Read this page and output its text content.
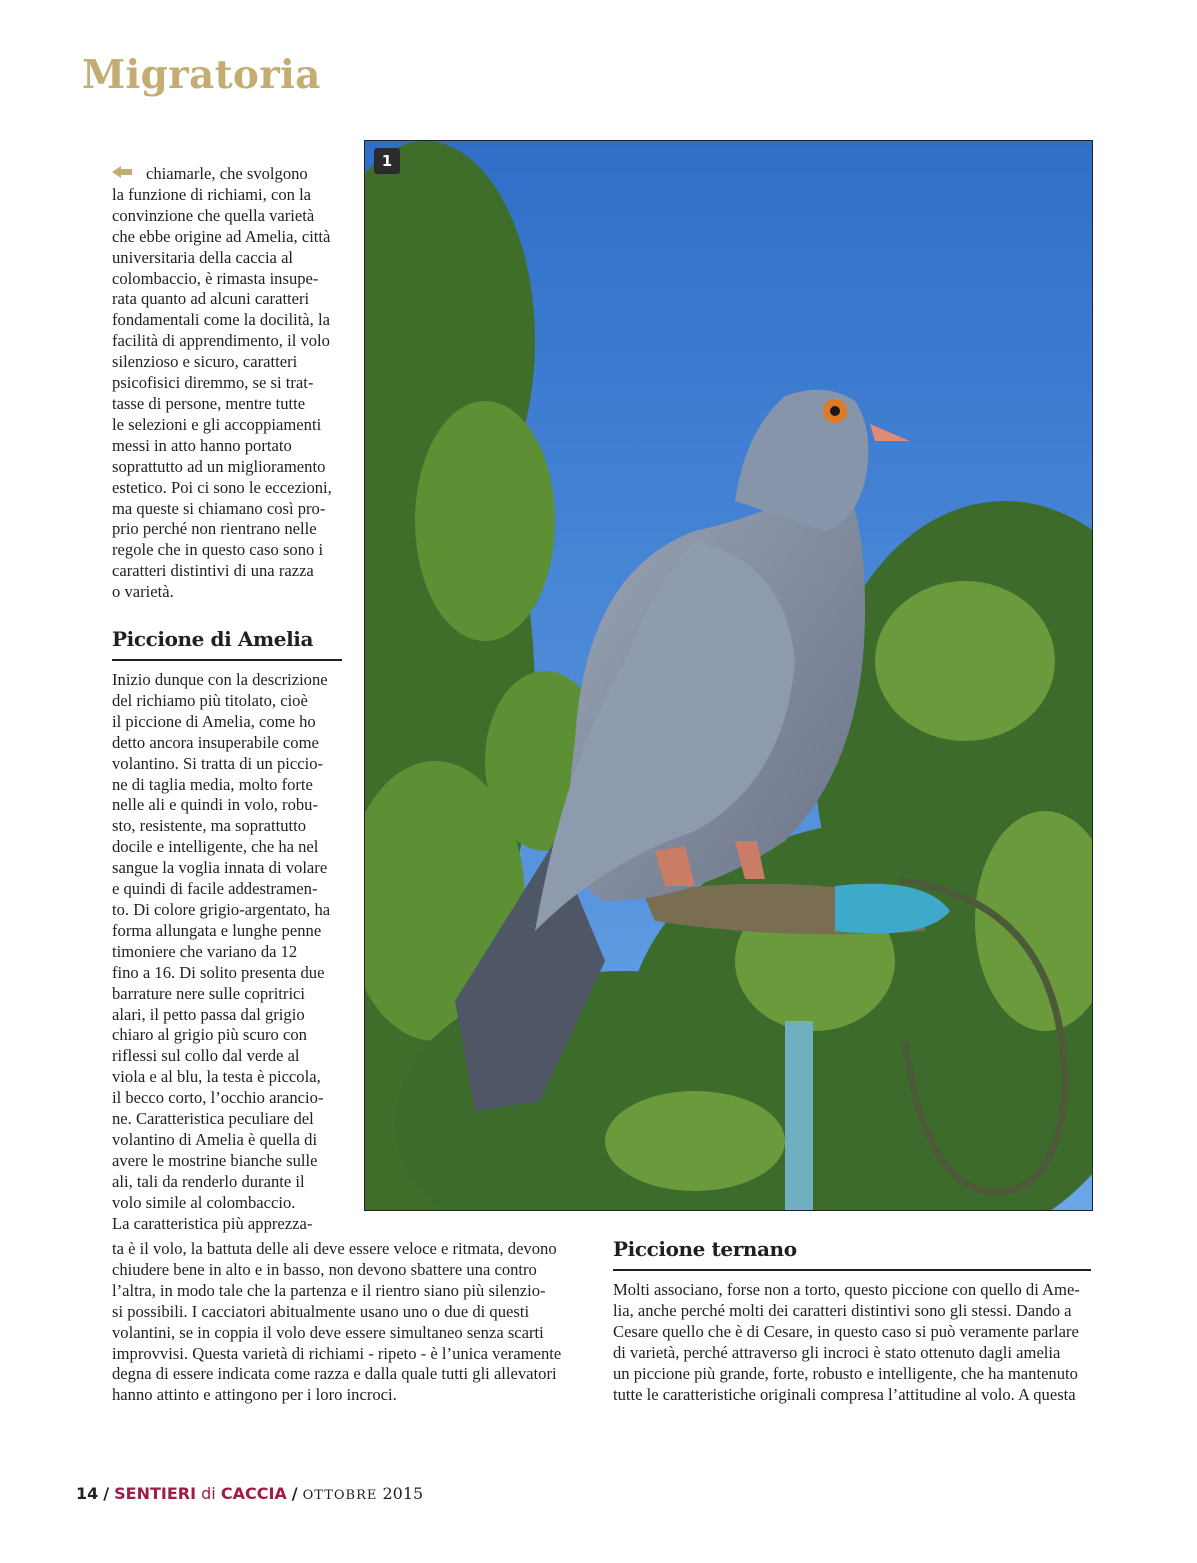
Migratoria

chiamarle, che svolgono
la funzione di richiami, con la
convinzione che quella varietà
che ebbe origine ad Amelia, città
universitaria della caccia al
colombaccio, è rimasta insupe-
rata quanto ad alcuni caratteri
fondamentali come la docilità, la
facilità di apprendimento, il volo
silenzioso e sicuro, caratteri
psicofisici diremmo, se si trat-
tasse di persone, mentre tutte
le selezioni e gli accoppiamenti
messi in atto hanno portato
soprattutto ad un miglioramento
estetico. Poi ci sono le eccezioni,
ma queste si chiamano così pro-
prio perché non rientrano nelle
regole che in questo caso sono i
caratteri distintivi di una razza
o varietà.

Piccione di Amelia

Inizio dunque con la descrizione
del richiamo più titolato, cioè
il piccione di Amelia, come ho
detto ancora insuperabile come
volantino. Si tratta di un piccio-
ne di taglia media, molto forte
nelle ali e quindi in volo, robu-
sto, resistente, ma soprattutto
docile e intelligente, che ha nel
sangue la voglia innata di volare
e quindi di facile addestramen-
to. Di colore grigio-argentato, ha
forma allungata e lunghe penne
timoniere che variano da 12
fino a 16. Di solito presenta due
barrature nere sulle copritrici
alari, il petto passa dal grigio
chiaro al grigio più scuro con
riflessi sul collo dal verde al
viola e al blu, la testa è piccola,
il becco corto, l’occhio arancio-
ne. Caratteristica peculiare del
volantino di Amelia è quella di
avere le mostrine bianche sulle
ali, tali da renderlo durante il
volo simile al colombaccio.
La caratteristica più apprezza-

ta è il volo, la battuta delle ali deve essere veloce e ritmata, devono
chiudere bene in alto e in basso, non devono sbattere una contro
l’altra, in modo tale che la partenza e il rientro siano più silenzio-
si possibili. I cacciatori abitualmente usano uno o due di questi
volantini, se in coppia il volo deve essere simultaneo senza scarti
improvvisi. Questa varietà di richiami - ripeto - è l’unica veramente
degna di essere indicata come razza e dalla quale tutti gli allevatori
hanno attinto e attingono per i loro incroci.

1
Piccione ternano

Molti associano, forse non a torto, questo piccione con quello di Ame-
lia, anche perché molti dei caratteri distintivi sono gli stessi. Dando a
Cesare quello che è di Cesare, in questo caso si può veramente parlare
di varietà, perché attraverso gli incroci è stato ottenuto dagli amelia
un piccione più grande, forte, robusto e intelligente, che ha mantenuto
tutte le caratteristiche originali compresa l’attitudine al volo. A questa

14 / SENTIERI di CACCIA / OTTOBRE 2015
